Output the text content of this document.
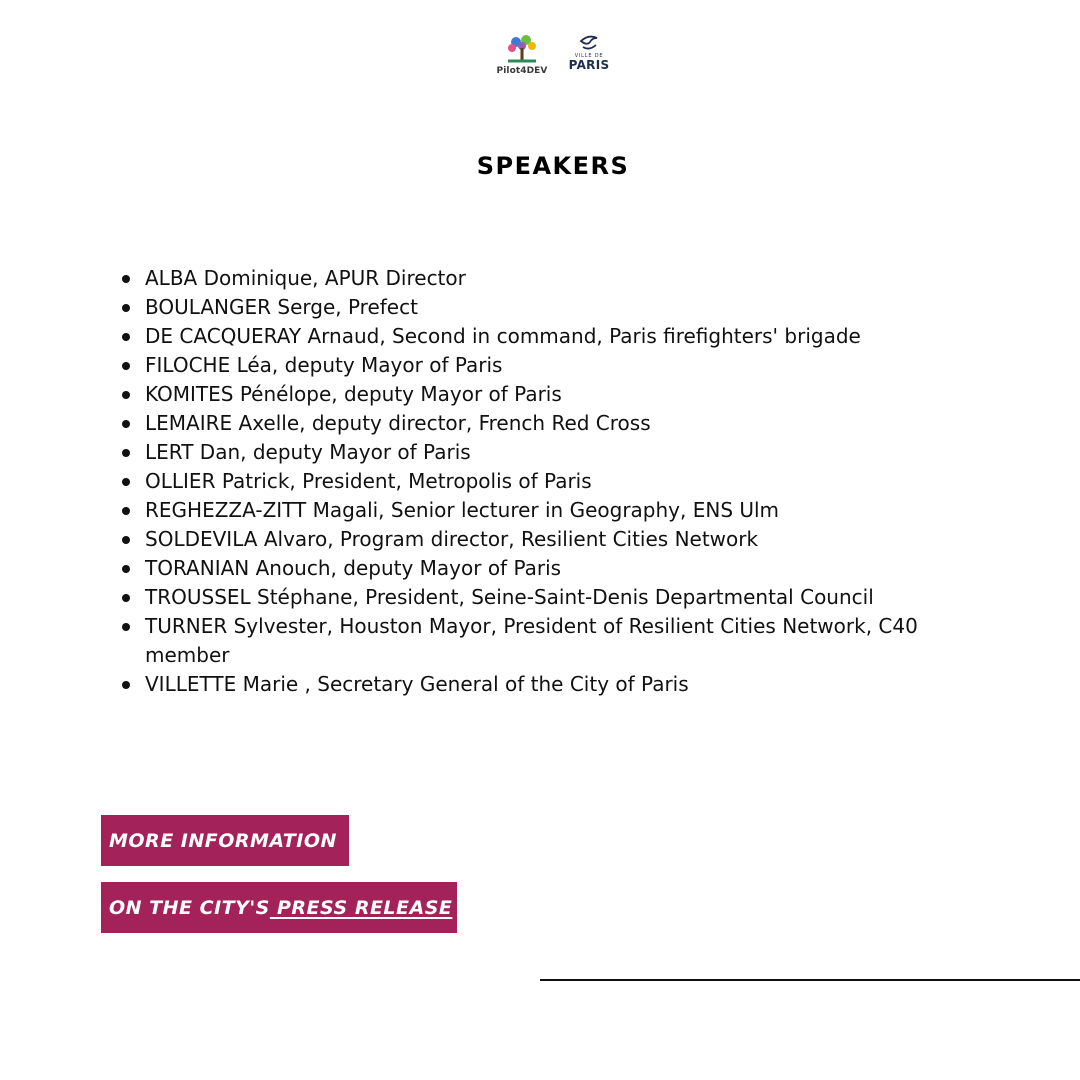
Pilot4DEV
VILLE DE
PARIS
SPEAKERS
ALBA Dominique, APUR Director
BOULANGER Serge, Prefect
DE CACQUERAY Arnaud, Second in command, Paris firefighters' brigade
FILOCHE Léa, deputy Mayor of Paris
KOMITES Pénélope, deputy Mayor of Paris
LEMAIRE Axelle, deputy director, French Red Cross
LERT Dan, deputy Mayor of Paris
OLLIER Patrick, President, Metropolis of Paris
REGHEZZA-ZITT Magali, Senior lecturer in Geography, ENS Ulm
SOLDEVILA Alvaro, Program director, Resilient Cities Network
TORANIAN Anouch, deputy Mayor of Paris
TROUSSEL Stéphane, President, Seine-Saint-Denis Departmental Council
TURNER Sylvester, Houston Mayor, President of Resilient Cities Network, C40 member
VILLETTE Marie , Secretary General of the City of Paris
MORE INFORMATION
ON THE CITY'S PRESS RELEASE
